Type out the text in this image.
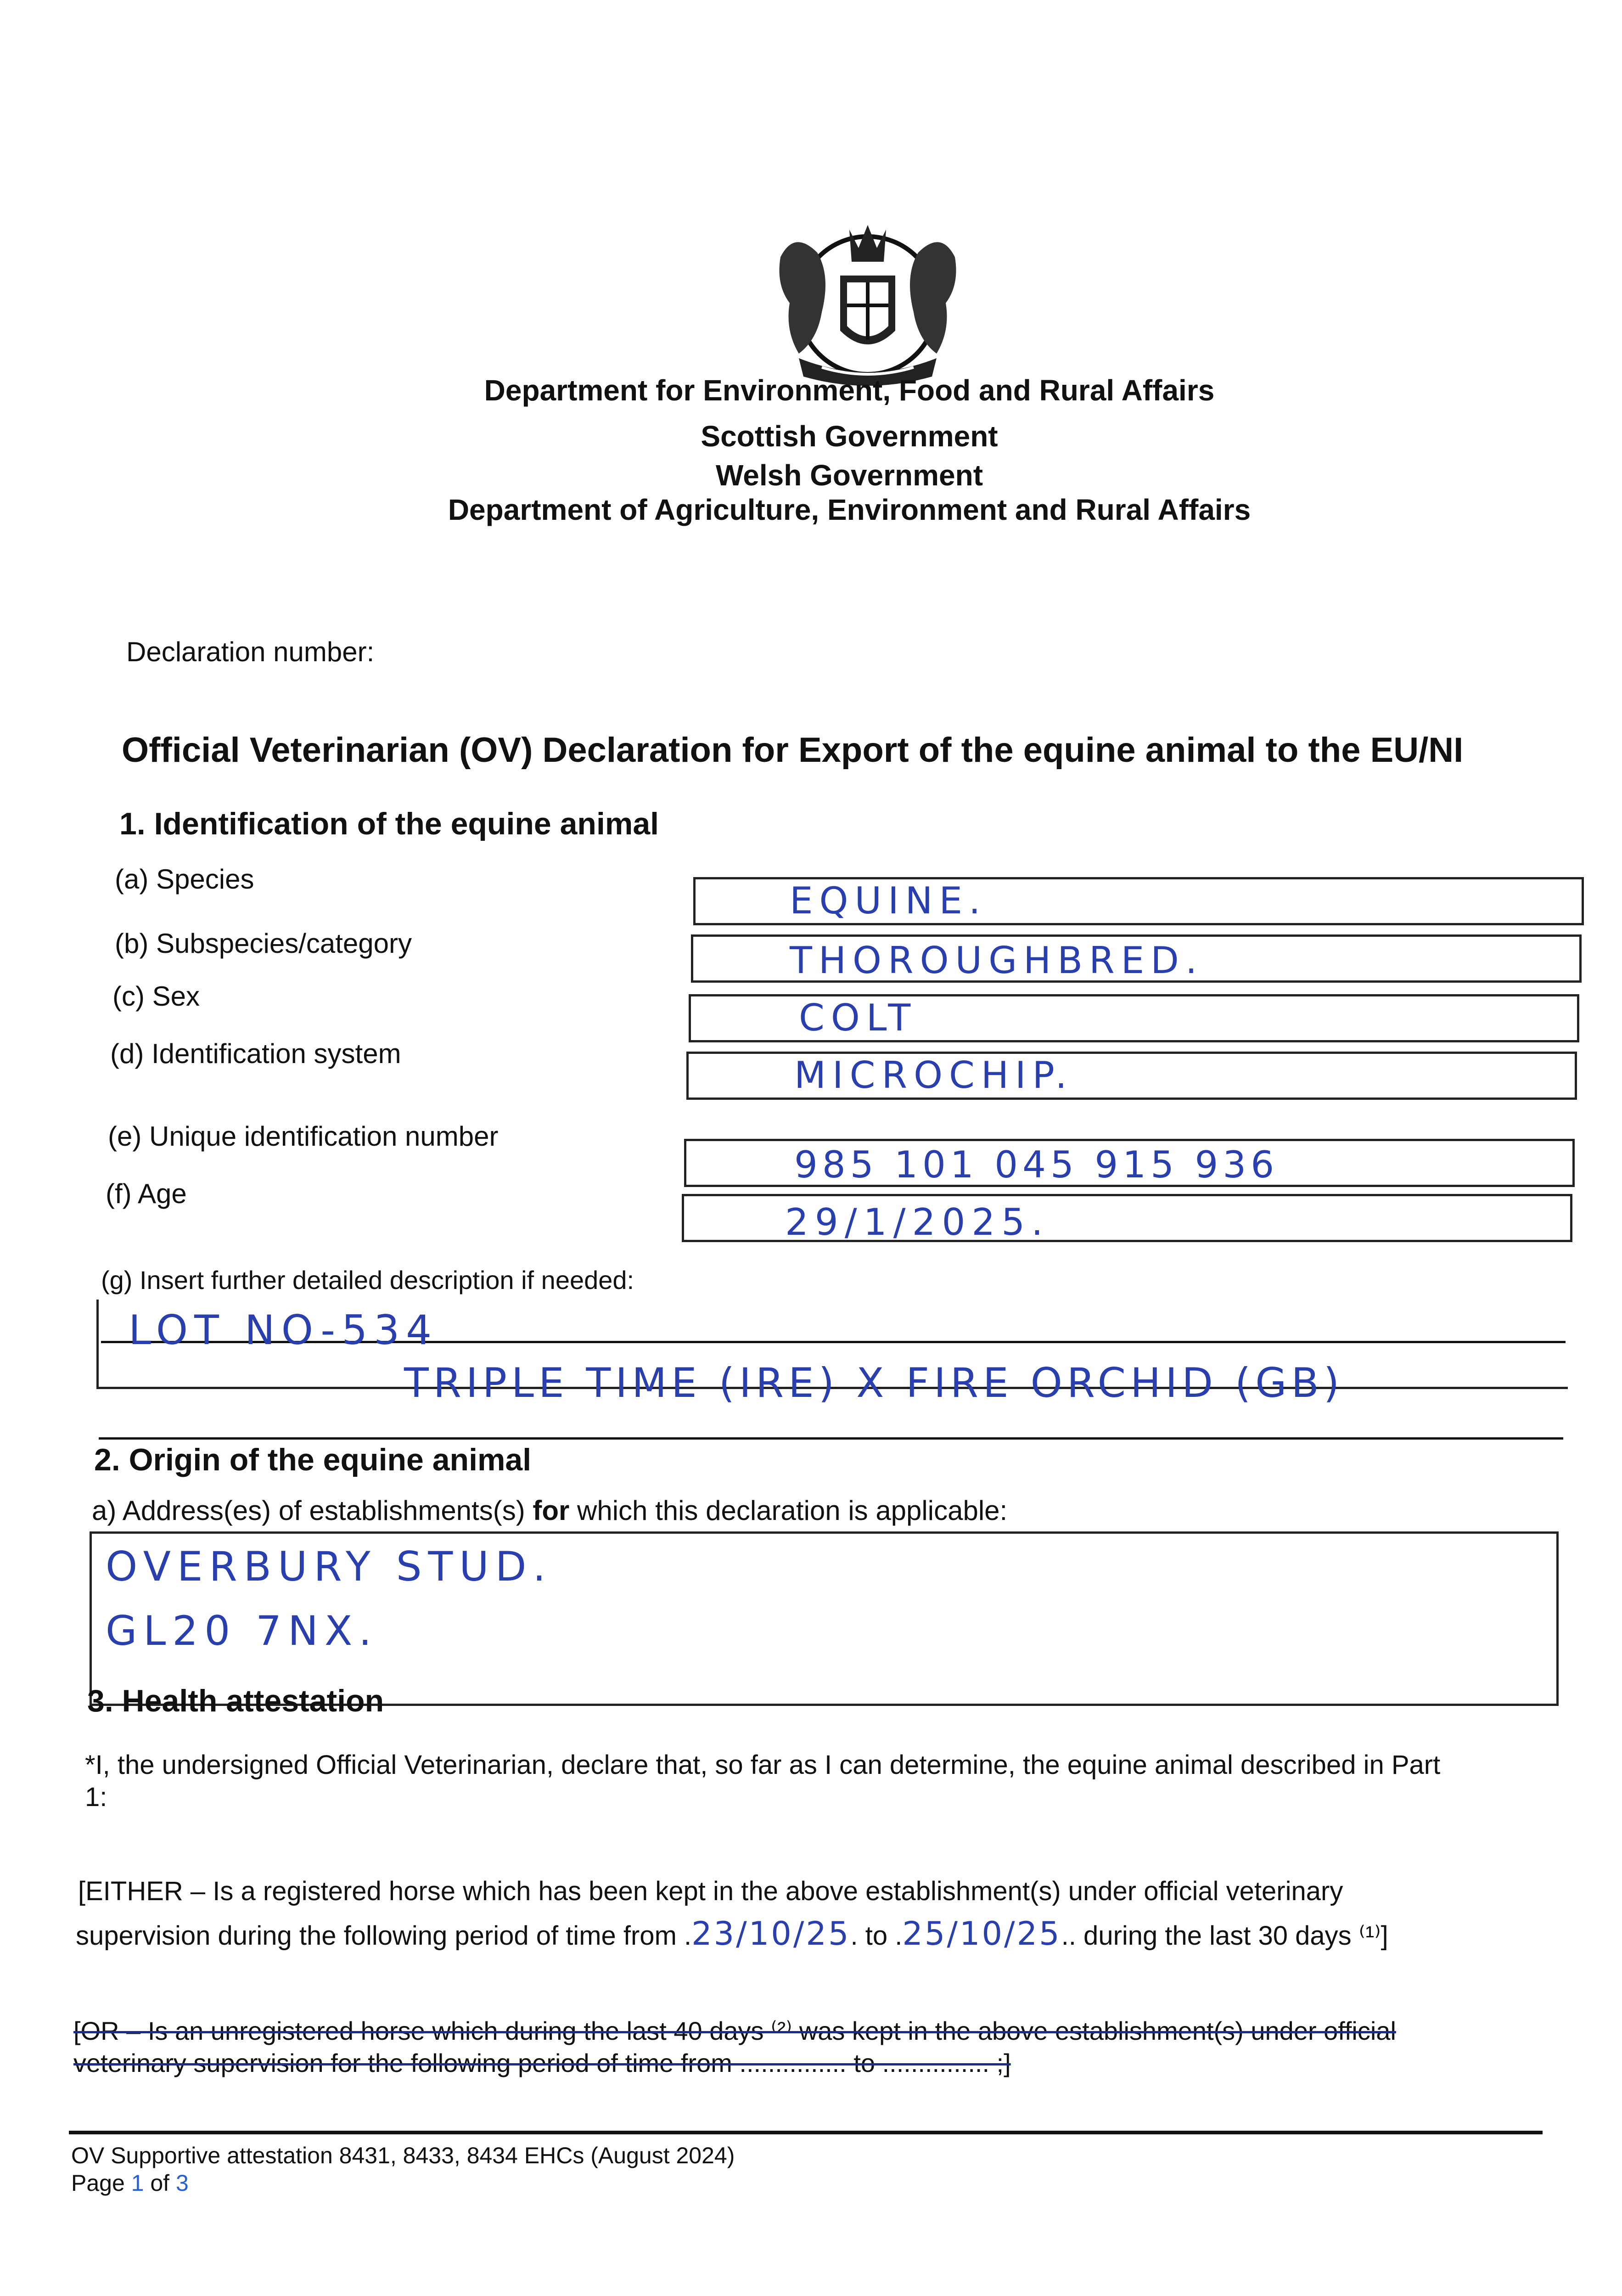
Department for Environment, Food and Rural Affairs
Scottish Government
Welsh Government
Department of Agriculture, Environment and Rural Affairs
Declaration number:
Official Veterinarian (OV) Declaration for Export of the equine animal to the EU/NI
1. Identification of the equine animal
(a) Species
EQUINE.
(b) Subspecies/category	THOROUGHBRED.
(c) Sex
COLT
(d) Identification system
MICROCHIP.
(e) Unique identification number
985 101 045 915 936
(f) Age
29/1/2025.
(g) Insert further detailed description if needed:
LOT NO-534
TRIPLE TIME (IRE) X FIRE ORCHID (GB)
2. Origin of the equine animal
a) Address(es) of establishments(s) for which this declaration is applicable:
OVERBURY STUD.
GL20 7NX.
3. Health attestation
*I, the undersigned Official Veterinarian, declare that, so far as I can determine, the equine animal described in Part
1:
[EITHER – Is a registered horse which has been kept in the above establishment(s) under official veterinary
supervision during the following period of time from .23/10/25. to .25/10/25.. during the last 30 days ⁽¹⁾]
[OR – Is an unregistered horse which during the last 40 days ⁽²⁾ was kept in the above establishment(s) under official
veterinary supervision for the following period of time from ............... to ............... ;]
OV Supportive attestation 8431, 8433, 8434 EHCs (August 2024)
Page 1 of 3
